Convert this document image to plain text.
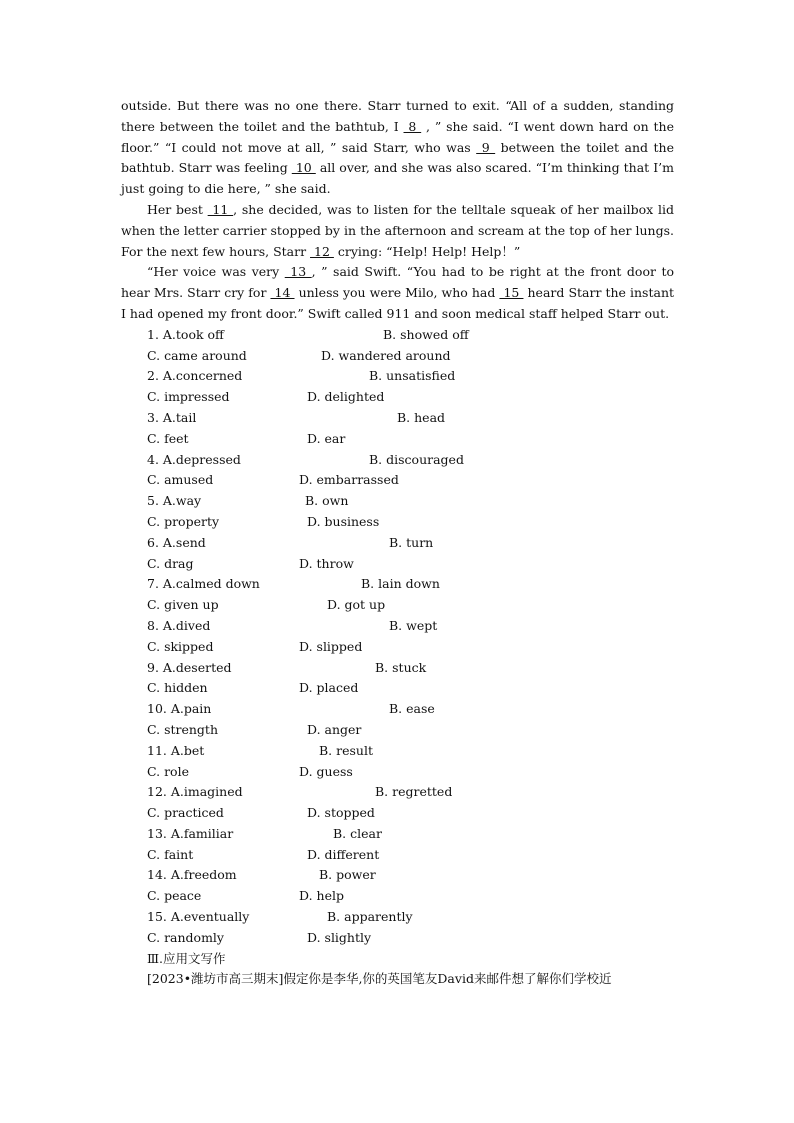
outside. But there was no one there. Starr turned to exit. “All of a sudden, standing there between the toilet and the bathtub, I  8  , ” she said. “I went down hard on the floor.” “I could not move at all, ” said Starr, who was  9  between the toilet and the bathtub. Starr was feeling  10  all over, and she was also scared. “I’m thinking that I’m just going to die here, ” she said.

Her best  11 , she decided, was to listen for the telltale squeak of her mailbox lid when the letter carrier stopped by in the afternoon and scream at the top of her lungs. For the next few hours, Starr  12  crying: “Help! Help! Help！”

“Her voice was very  13 , ” said Swift. “You had to be right at the front door to hear Mrs. Starr cry for  14  unless you were Milo, who had  15  heard Starr the instant I had opened my front door.” Swift called 911 and soon medical staff helped Starr out.

1. A.took off	B. showed off
C. came around	D. wandered around
2. A.concerned	B. unsatisfied
C. impressed	D. delighted
3. A.tail	B. head
C. feet	D. ear
4. A.depressed	B. discouraged
C. amused	D. embarrassed
5. A.way	B. own
C. property	D. business
6. A.send	B. turn
C. drag	D. throw
7. A.calmed down	B. lain down
C. given up	D. got up
8. A.dived	B. wept
C. skipped	D. slipped
9. A.deserted	B. stuck
C. hidden	D. placed
10. A.pain	B. ease
C. strength	D. anger
11. A.bet	B. result
C. role	D. guess
12. A.imagined	B. regretted
C. practiced	D. stopped
13. A.familiar	B. clear
C. faint	D. different
14. A.freedom	B. power
C. peace	D. help
15. A.eventually	B. apparently
C. randomly	D. slightly
Ⅲ.应用文写作
[2023•潍坊市高三期末]假定你是李华,你的英国笔友David来邮件想了解你们学校近
